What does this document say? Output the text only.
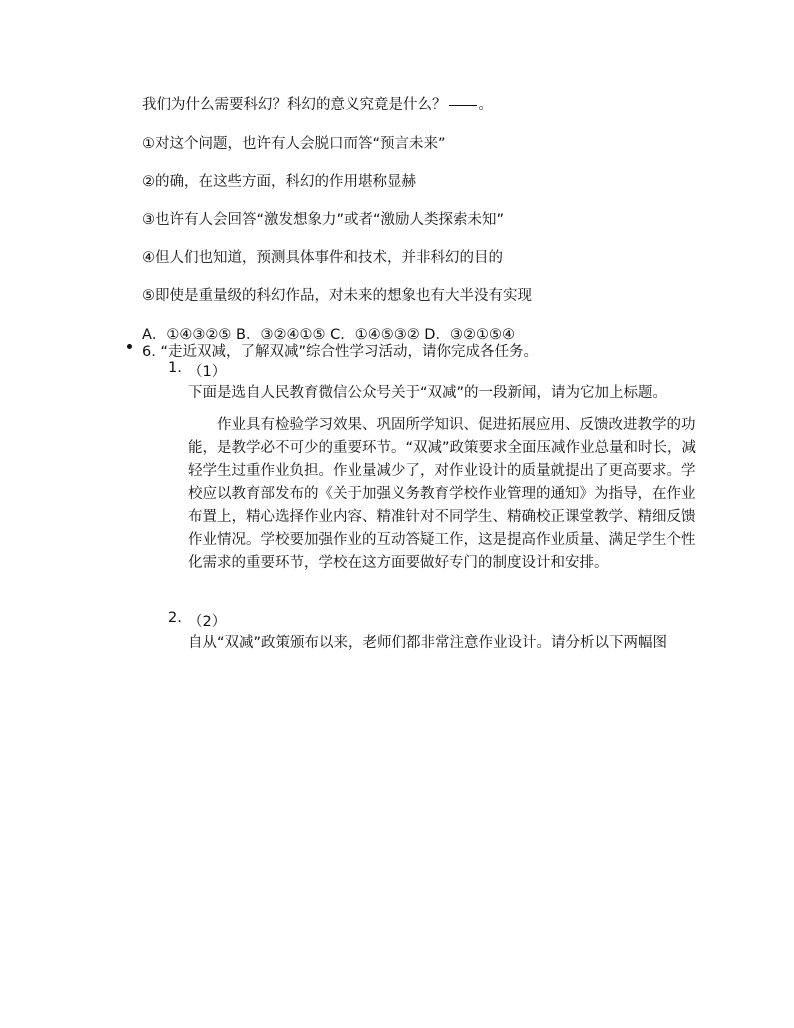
我们为什么需要科幻？科幻的意义究竟是什么？ 。
①对这个问题，也许有人会脱口而答“预言未来”
②的确，在这些方面，科幻的作用堪称显赫
③也许有人会回答“激发想象力”或者“激励人类探索未知”
④但人们也知道，预测具体事件和技术，并非科幻的目的
⑤即使是重量级的科幻作品，对未来的想象也有大半没有实现
A．①④③②⑤ B．③②④①⑤ C．①④⑤③② D．③②①⑤④
6. “走近双减，了解双减”综合性学习活动，请你完成各任务。
1. （1）
下面是选自人民教育微信公众号关于“双减”的一段新闻，请为它加上标题。
作业具有检验学习效果、巩固所学知识、促进拓展应用、反馈改进教学的功能，是教学必不可少的重要环节。“双减”政策要求全面压减作业总量和时长，减轻学生过重作业负担。作业量减少了，对作业设计的质量就提出了更高要求。学校应以教育部发布的《关于加强义务教育学校作业管理的通知》为指导，在作业布置上，精心选择作业内容、精准针对不同学生、精确校正课堂教学、精细反馈作业情况。学校要加强作业的互动答疑工作，这是提高作业质量、满足学生个性化需求的重要环节，学校在这方面要做好专门的制度设计和安排。
2. （2）
自从“双减”政策颁布以来，老师们都非常注意作业设计。请分析以下两幅图
